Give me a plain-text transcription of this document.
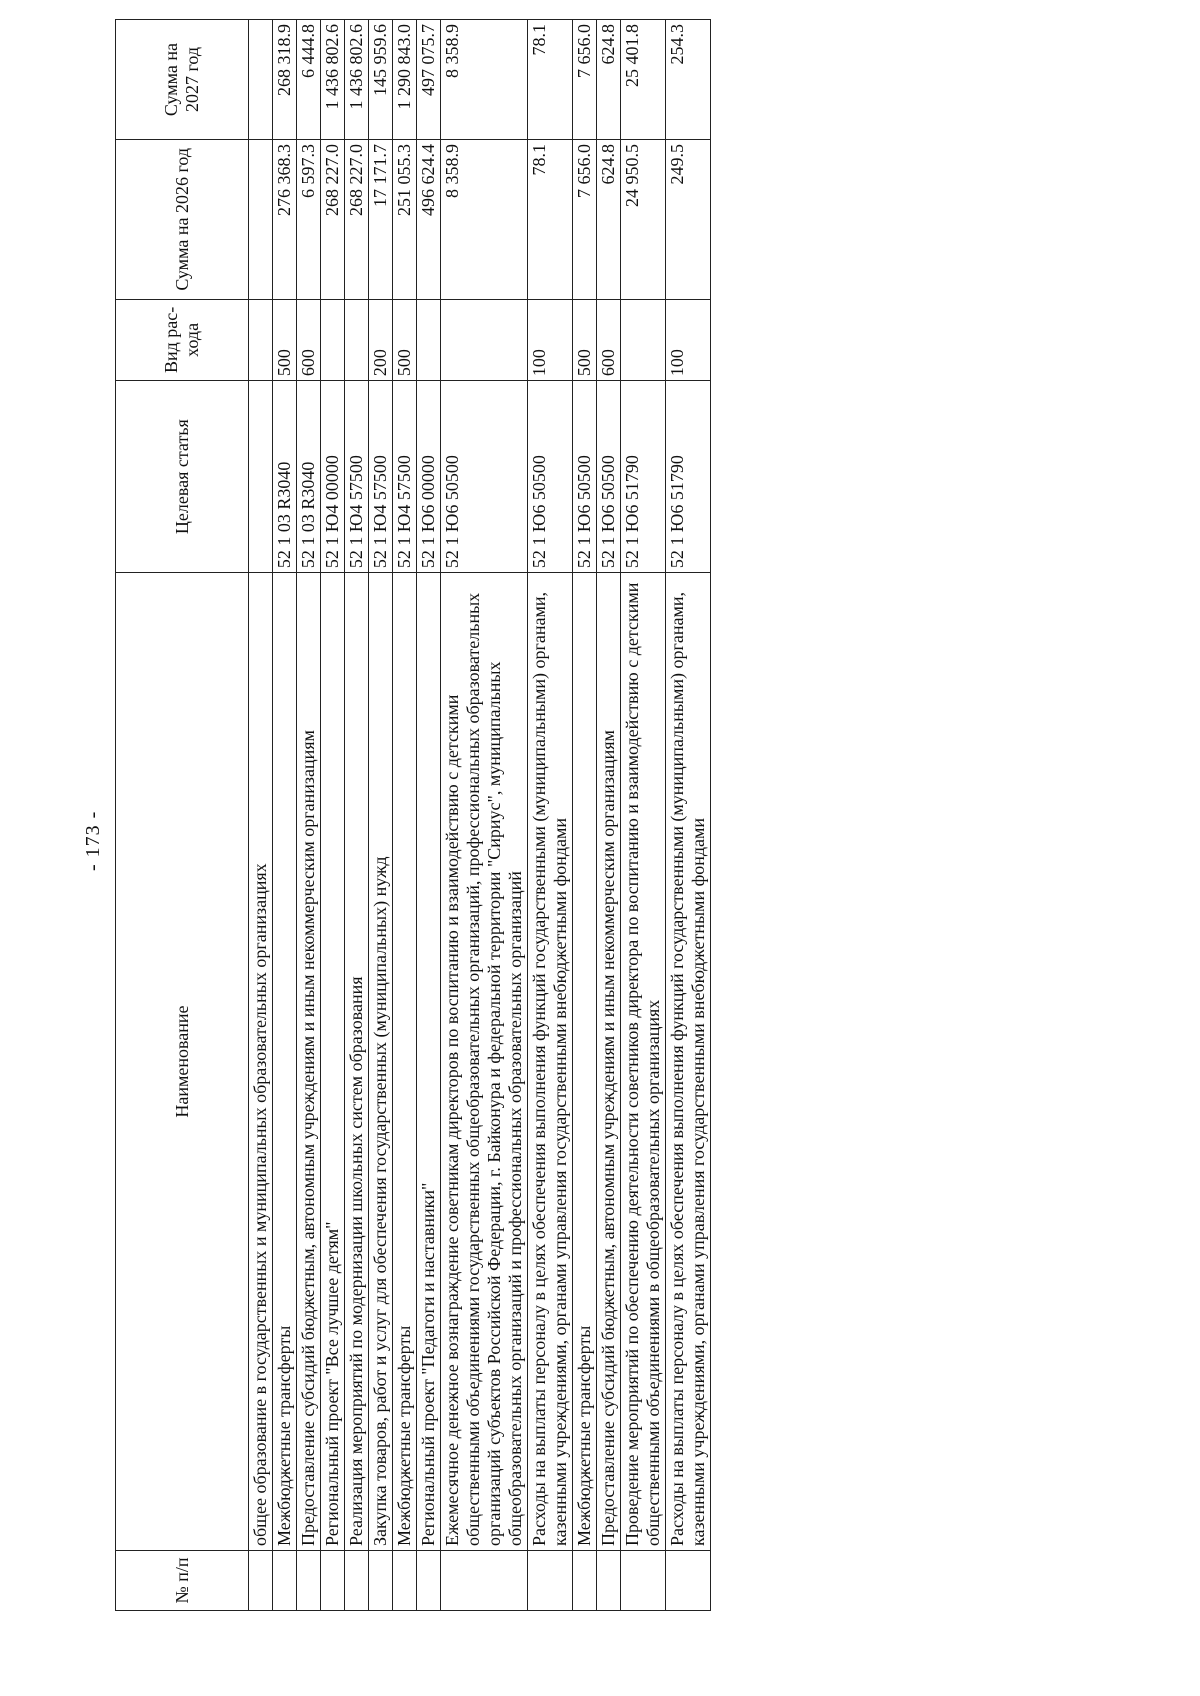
- 173 -
№ п/п	Наименование	Целевая статья	Вид рас- хода	Сумма на 2026 год	Сумма на 2027 год
	общее образование в государственных и муниципальных образовательных организациях				
	Межбюджетные трансферты	52 1 03 R3040	500	276 368.3	268 318.9
	Предоставление субсидий бюджетным, автономным учреждениям и иным некоммерческим организациям	52 1 03 R3040	600	6 597.3	6 444.8
	Региональный проект "Все лучшее детям"	52 1 Ю4 00000		268 227.0	1 436 802.6
	Реализация мероприятий по модернизации школьных систем образования	52 1 Ю4 57500		268 227.0	1 436 802.6
	Закупка товаров, работ и услуг для обеспечения государственных (муниципальных) нужд	52 1 Ю4 57500	200	17 171.7	145 959.6
	Межбюджетные трансферты	52 1 Ю4 57500	500	251 055.3	1 290 843.0
	Региональный проект "Педагоги и наставники"	52 1 Ю6 00000		496 624.4	497 075.7
	Ежемесячное денежное вознаграждение советникам директоров по воспитанию и взаимодействию с детскими общественными объединениями государственных общеобразовательных организаций, профессиональных образовательных организаций субъектов Российской Федерации, г. Байконура и федеральной территории "Сириус", муниципальных общеобразовательных организаций и профессиональных образовательных организаций	52 1 Ю6 50500		8 358.9	8 358.9
	Расходы на выплаты персоналу в целях обеспечения выполнения функций государственными (муниципальными) органами, казенными учреждениями, органами управления государственными внебюджетными фондами	52 1 Ю6 50500	100	78.1	78.1
	Межбюджетные трансферты	52 1 Ю6 50500	500	7 656.0	7 656.0
	Предоставление субсидий бюджетным, автономным учреждениям и иным некоммерческим организациям	52 1 Ю6 50500	600	624.8	624.8
	Проведение мероприятий по обеспечению деятельности советников директора по воспитанию и взаимодействию с детскими общественными объединениями в общеобразовательных организациях	52 1 Ю6 51790		24 950.5	25 401.8
	Расходы на выплаты персоналу в целях обеспечения выполнения функций государственными (муниципальными) органами, казенными учреждениями, органами управления государственными внебюджетными фондами	52 1 Ю6 51790	100	249.5	254.3
